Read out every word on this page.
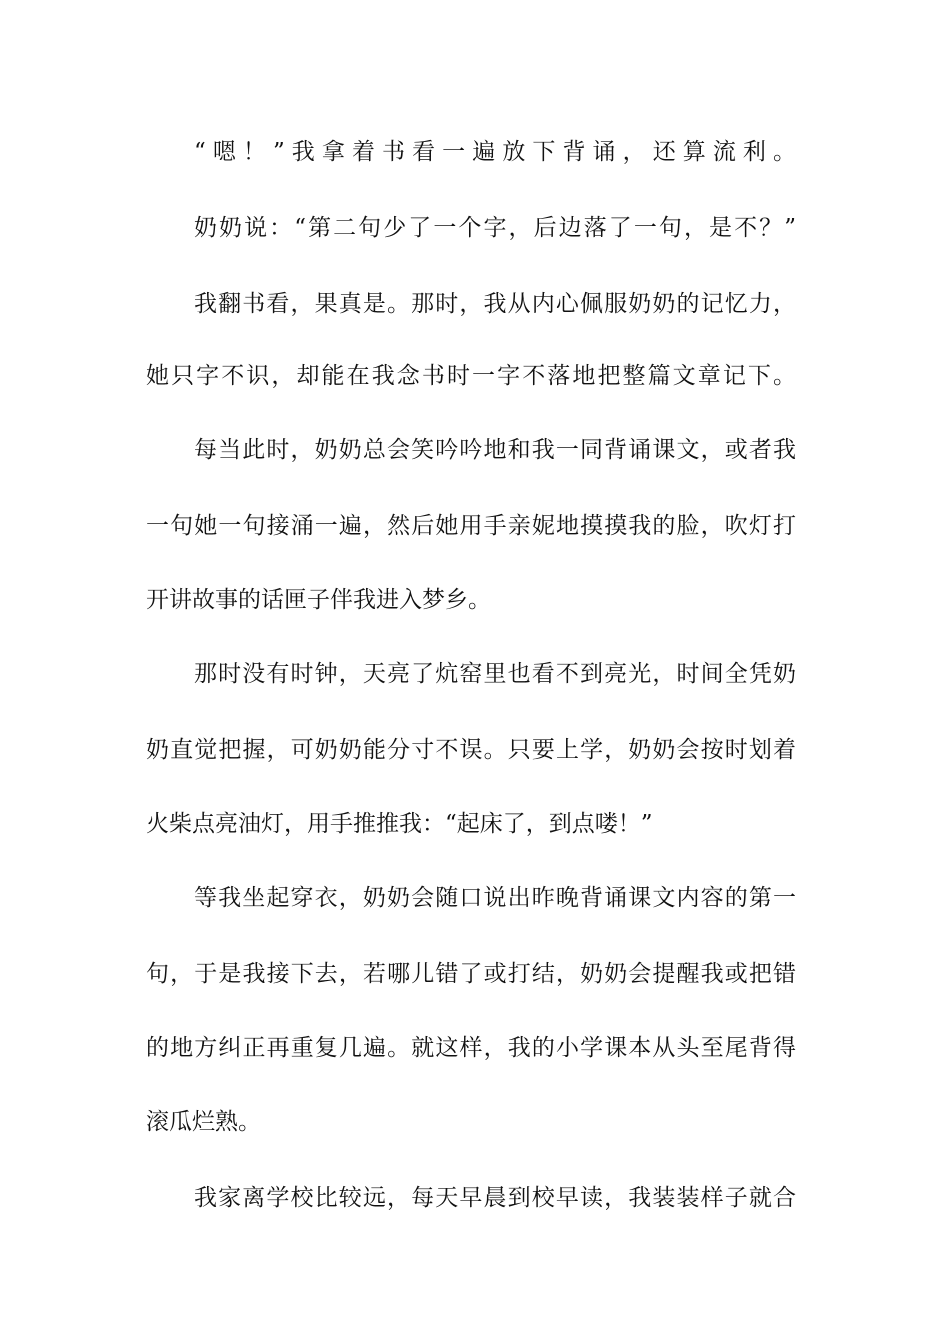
“嗯！”我拿着书看一遍放下背诵，还算流利。
奶奶说：“第二句少了一个字，后边落了一句，是不？”
我翻书看，果真是。那时，我从内心佩服奶奶的记忆力，
她只字不识，却能在我念书时一字不落地把整篇文章记下。
每当此时，奶奶总会笑吟吟地和我一同背诵课文，或者我
一句她一句接涌一遍，然后她用手亲妮地摸摸我的脸，吹灯打
开讲故事的话匣子伴我进入梦乡。
那时没有时钟，天亮了炕窑里也看不到亮光，时间全凭奶
奶直觉把握，可奶奶能分寸不误。只要上学，奶奶会按时划着
火柴点亮油灯，用手推推我：“起床了，到点喽！”
等我坐起穿衣，奶奶会随口说出昨晚背诵课文内容的第一
句，于是我接下去，若哪儿错了或打结，奶奶会提醒我或把错
的地方纠正再重复几遍。就这样，我的小学课本从头至尾背得
滚瓜烂熟。
我家离学校比较远，每天早晨到校早读，我装装样子就合
